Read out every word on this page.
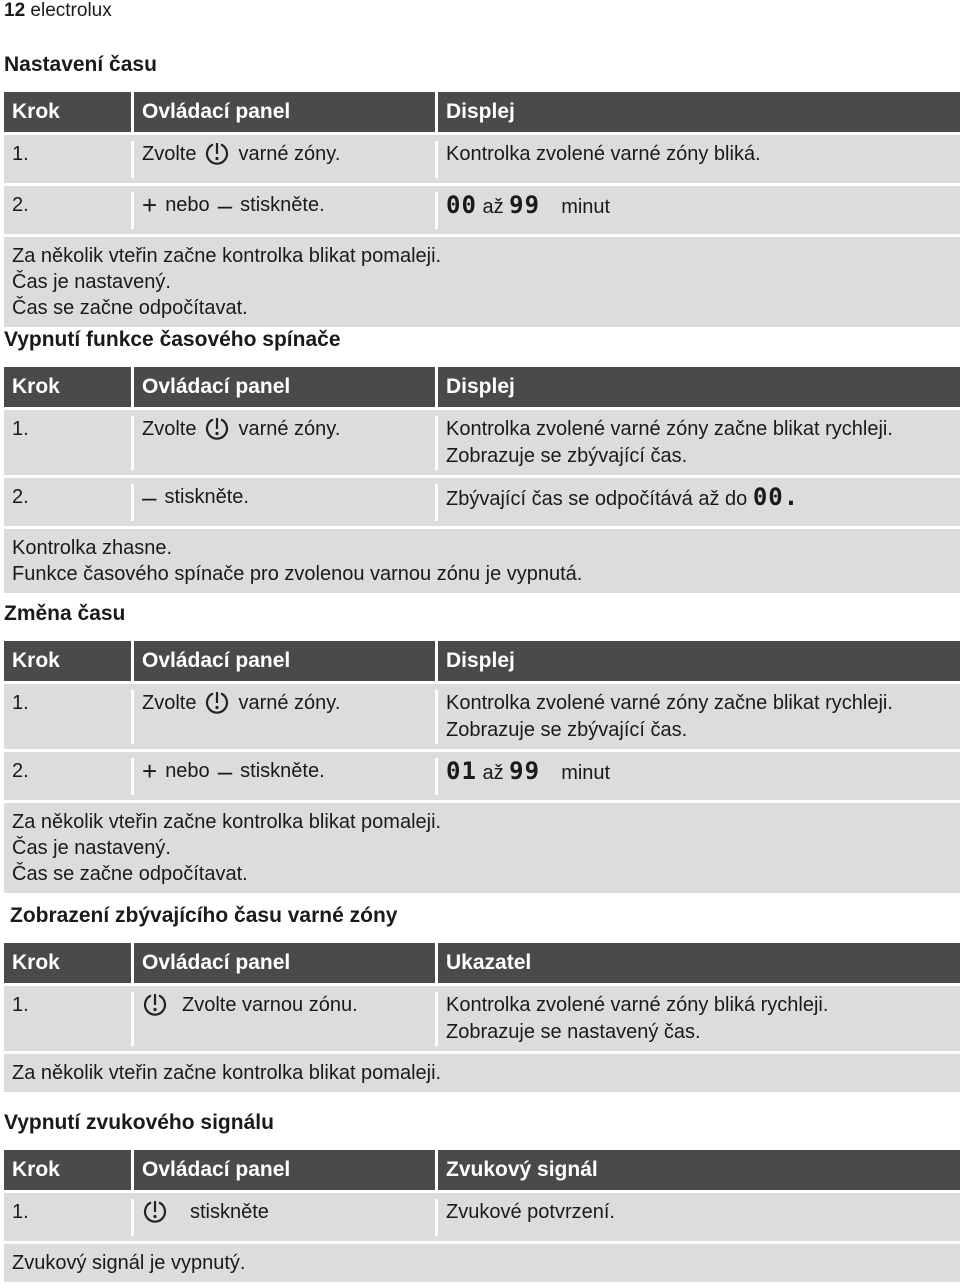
12 electrolux
Nastavení času
Krok	Ovládací panel	Displej
1.	Zvolte varné zóny.	Kontrolka zvolené varné zóny bliká.
2.	+ nebo – stiskněte.	00 až 99 minut
Za několik vteřin začne kontrolka blikat pomaleji.
Čas je nastavený.
Čas se začne odpočítavat.
Vypnutí funkce časového spínače
Krok	Ovládací panel	Displej
1.	Zvolte varné zóny.	Kontrolka zvolené varné zóny začne blikat rychleji.
Zobrazuje se zbývající čas.
2.	– stiskněte.	Zbývající čas se odpočítává až do 00.
Kontrolka zhasne.
Funkce časového spínače pro zvolenou varnou zónu je vypnutá.
Změna času
Krok	Ovládací panel	Displej
1.	Zvolte varné zóny.	Kontrolka zvolené varné zóny začne blikat rychleji.
Zobrazuje se zbývající čas.
2.	+ nebo – stiskněte.	01 až 99 minut
Za několik vteřin začne kontrolka blikat pomaleji.
Čas je nastavený.
Čas se začne odpočítavat.
Zobrazení zbývajícího času varné zóny
Krok	Ovládací panel	Ukazatel
1.	Zvolte varnou zónu.	Kontrolka zvolené varné zóny bliká rychleji.
Zobrazuje se nastavený čas.
Za několik vteřin začne kontrolka blikat pomaleji.
Vypnutí zvukového signálu
Krok	Ovládací panel	Zvukový signál
1.	stiskněte	Zvukové potvrzení.
Zvukový signál je vypnutý.
